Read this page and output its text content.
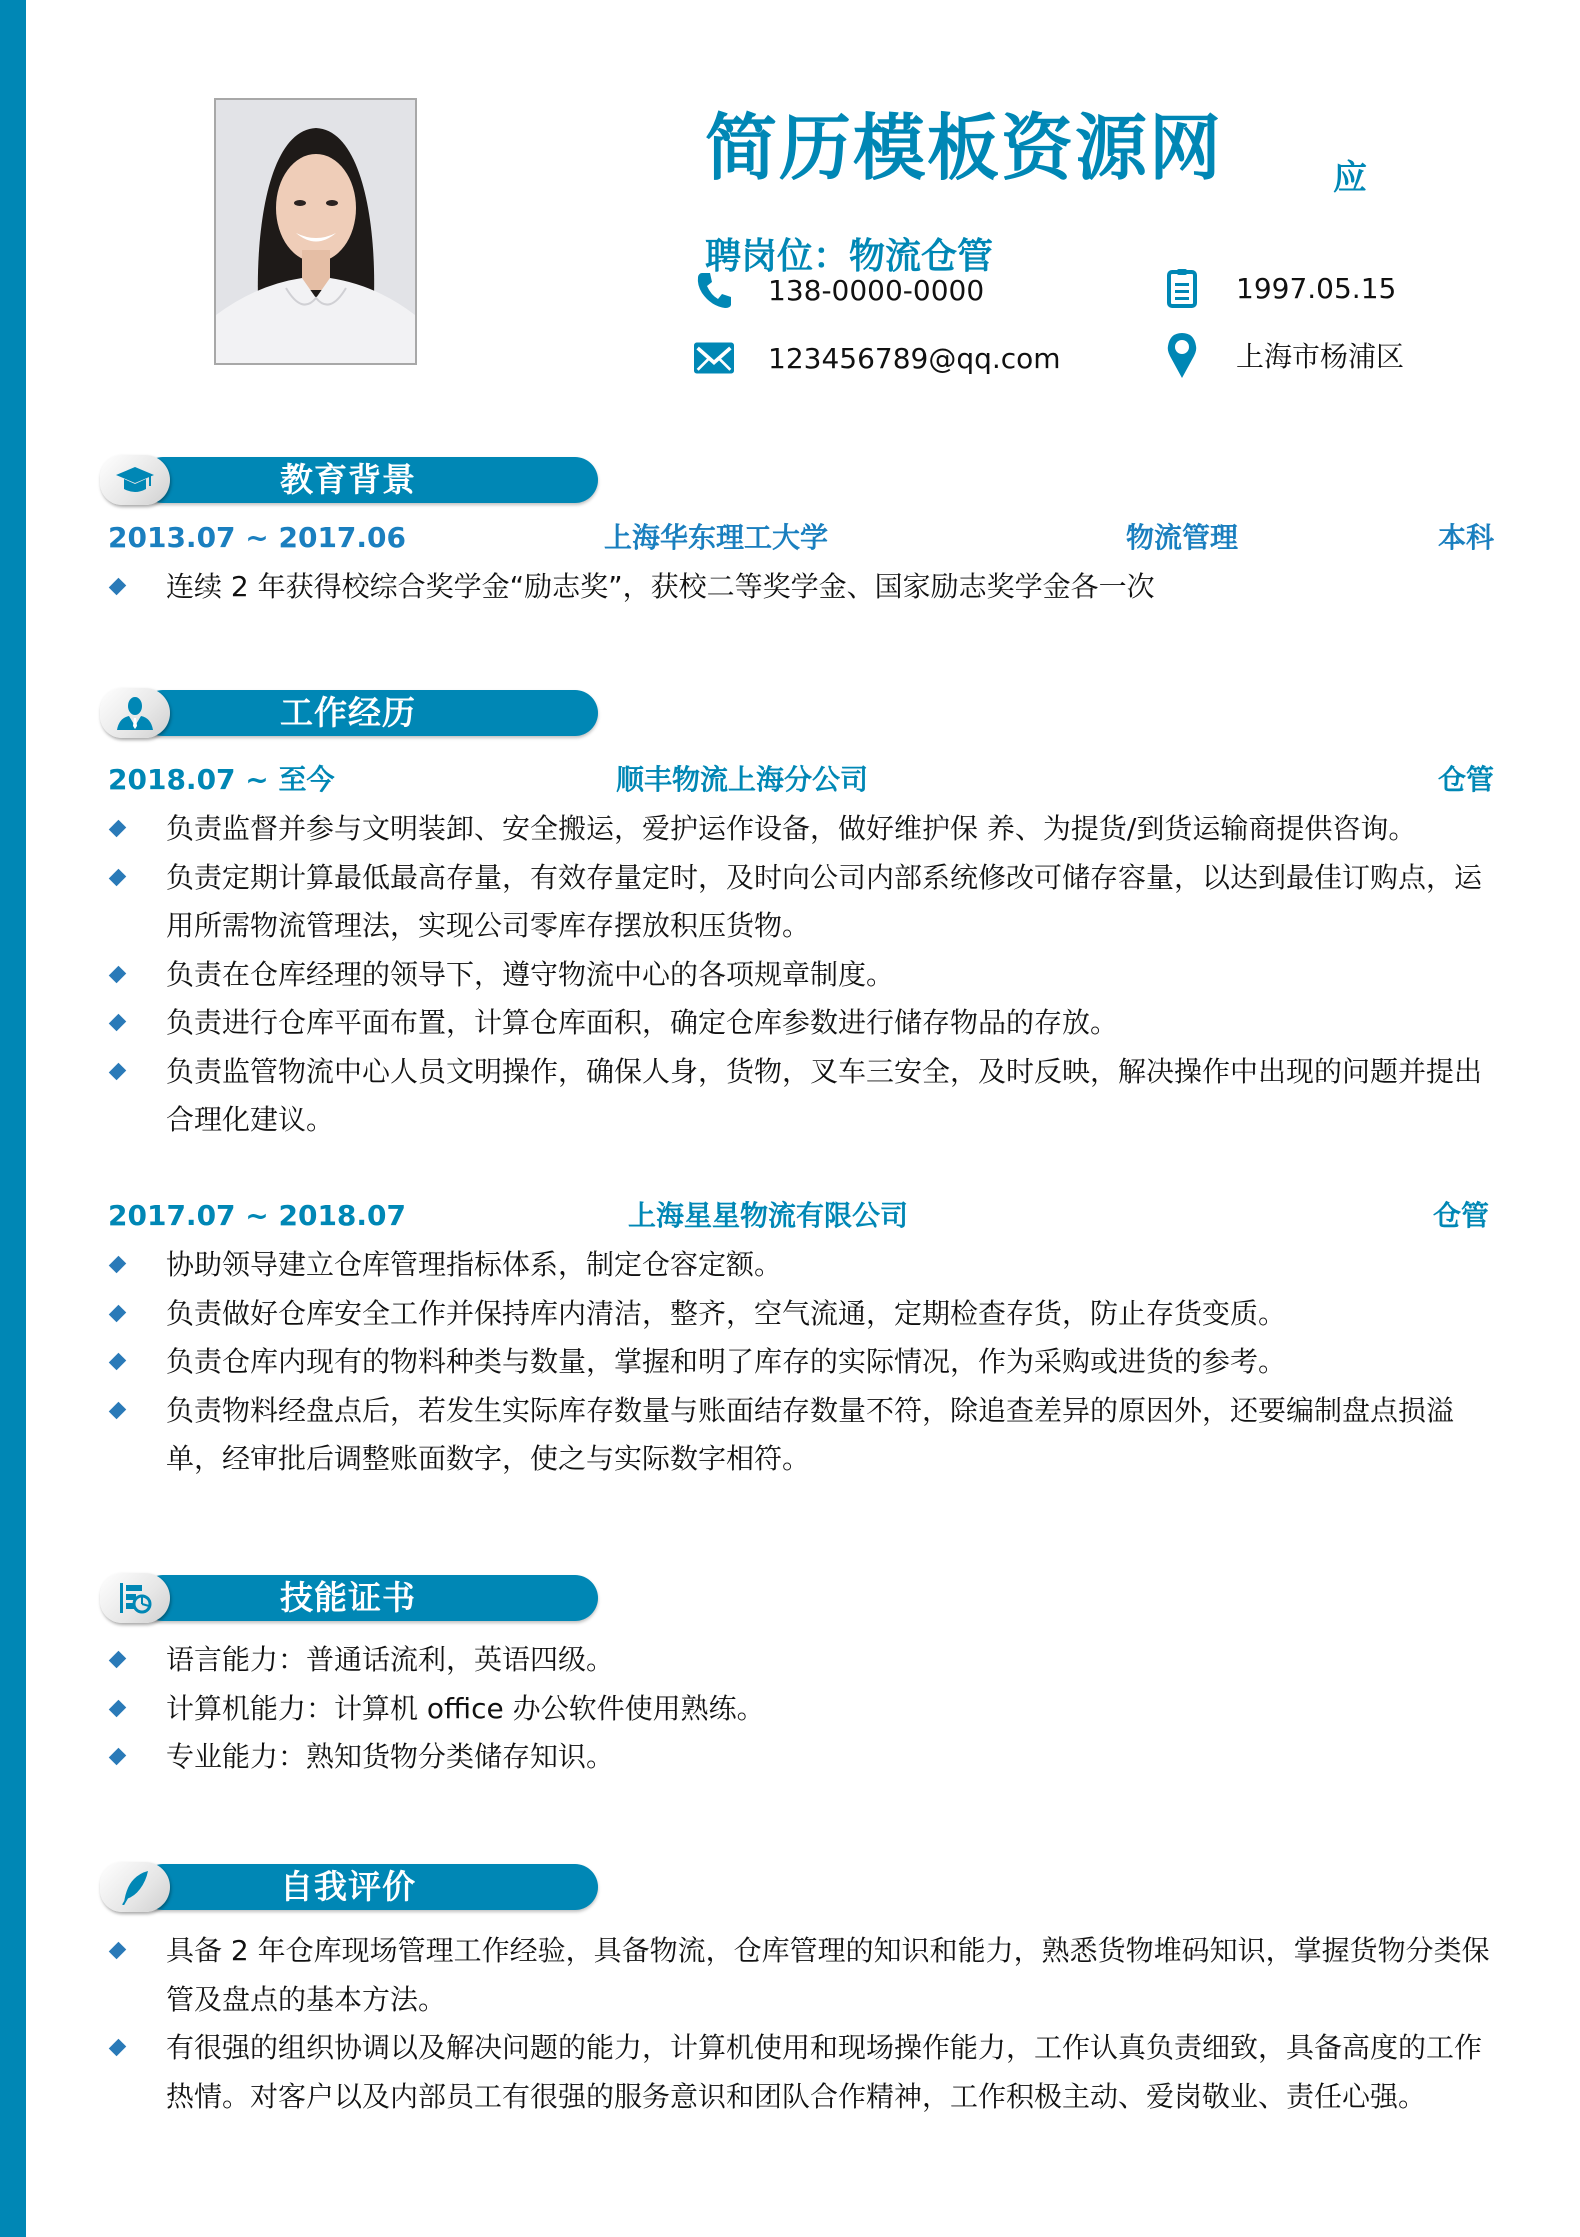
简历模板资源网	应
聘岗位：物流仓管
138-0000-0000
123456789@qq.com
1997.05.15
上海市杨浦区
教育背景
2013.07 ~ 2017.06	上海华东理工大学	物流管理	本科
连续 2 年获得校综合奖学金“励志奖”，获校二等奖学金、国家励志奖学金各一次
工作经历
2018.07 ~ 至今	顺丰物流上海分公司	仓管
负责监督并参与文明装卸、安全搬运，爱护运作设备，做好维护保 养、为提货/到货运输商提供咨询。
负责定期计算最低最高存量，有效存量定时，及时向公司内部系统修改可储存容量，以达到最佳订购点，运用所需物流管理法，实现公司零库存摆放积压货物。
负责在仓库经理的领导下，遵守物流中心的各项规章制度。
负责进行仓库平面布置，计算仓库面积，确定仓库参数进行储存物品的存放。
负责监管物流中心人员文明操作，确保人身，货物，叉车三安全，及时反映，解决操作中出现的问题并提出合理化建议。
2017.07 ~ 2018.07	上海星星物流有限公司	仓管
协助领导建立仓库管理指标体系，制定仓容定额。
负责做好仓库安全工作并保持库内清洁，整齐，空气流通，定期检查存货，防止存货变质。
负责仓库内现有的物料种类与数量，掌握和明了库存的实际情况，作为采购或进货的参考。
负责物料经盘点后，若发生实际库存数量与账面结存数量不符，除追查差异的原因外，还要编制盘点损溢单，经审批后调整账面数字，使之与实际数字相符。
技能证书
语言能力：普通话流利，英语四级。
计算机能力：计算机 office 办公软件使用熟练。
专业能力：熟知货物分类储存知识。
自我评价
具备 2 年仓库现场管理工作经验，具备物流，仓库管理的知识和能力，熟悉货物堆码知识，掌握货物分类保管及盘点的基本方法。
有很强的组织协调以及解决问题的能力，计算机使用和现场操作能力，工作认真负责细致，具备高度的工作热情。对客户以及内部员工有很强的服务意识和团队合作精神，工作积极主动、爱岗敬业、责任心强。
